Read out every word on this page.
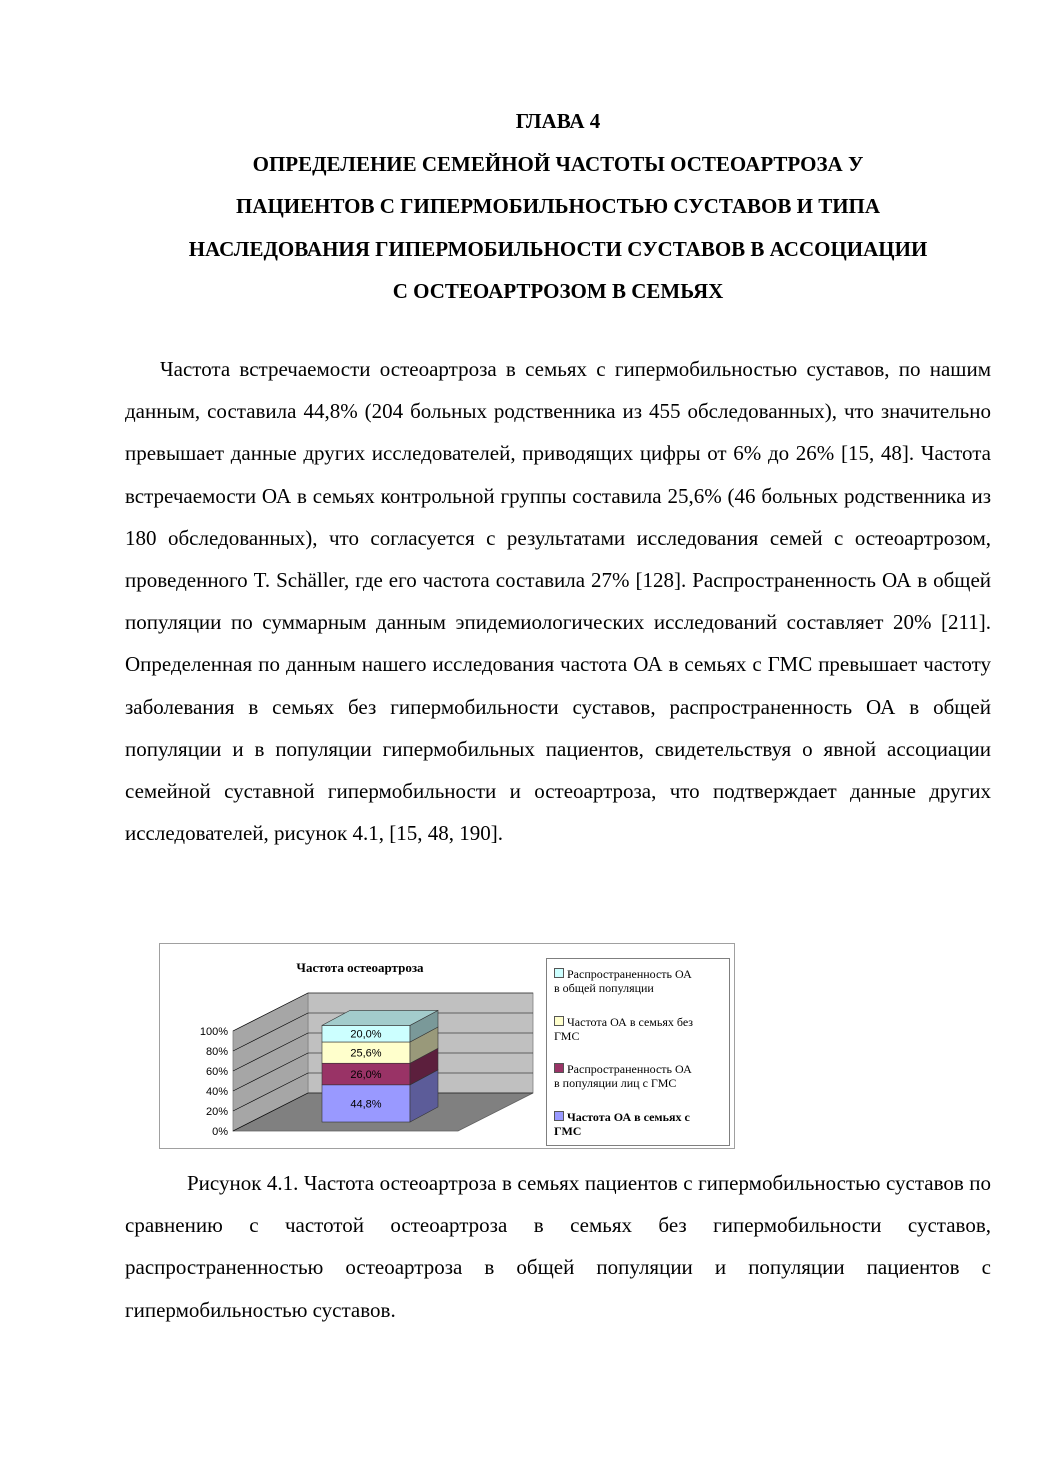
ГЛАВА 4
ОПРЕДЕЛЕНИЕ СЕМЕЙНОЙ ЧАСТОТЫ ОСТЕОАРТРОЗА У
ПАЦИЕНТОВ С ГИПЕРМОБИЛЬНОСТЬЮ СУСТАВОВ И ТИПА
НАСЛЕДОВАНИЯ ГИПЕРМОБИЛЬНОСТИ СУСТАВОВ В АССОЦИАЦИИ
С ОСТЕОАРТРОЗОМ В СЕМЬЯХ

Частота встречаемости остеоартроза в семьях с гипермобильностью суставов, по нашим данным, составила 44,8% (204 больных родственника из 455 обследованных), что значительно превышает данные других исследователей, приводящих цифры от 6% до 26% [15, 48]. Частота встречаемости ОА в семьях контрольной группы составила 25,6% (46 больных родственника из 180 обследованных), что согласуется с результатами исследования семей с остеоартрозом, проведенного T. Schäller, где его частота составила 27% [128]. Распространенность ОА в общей популяции по суммарным данным эпидемиологических исследований составляет 20% [211]. Определенная по данным нашего исследования частота ОА в семьях с ГМС превышает частоту заболевания в семьях без гипермобильности суставов, распространенность ОА в общей популяции и в популяции гипермобильных пациентов, свидетельствуя о явной ассоциации семейной суставной гипермобильности и остеоартроза, что подтверждает данные других исследователей, рисунок 4.1, [15, 48, 190].

Рисунок 4.1. Частота остеоартроза в семьях пациентов с гипермобильностью суставов по сравнению с частотой остеоартроза в семьях без гипермобильности суставов, распространенностью остеоартроза в общей популяции и популяции пациентов с гипермобильностью суставов.

Частота остеоартроза
100%
80%
60%
40%
20%
0%
44,8%
26,0%
25,6%
20,0%
Распространенность ОА
в общей популяции
Частота ОА в семьях без
ГМС
Распространенность ОА
в популяции лиц с ГМС
Частота ОА в семьях с
ГМС
